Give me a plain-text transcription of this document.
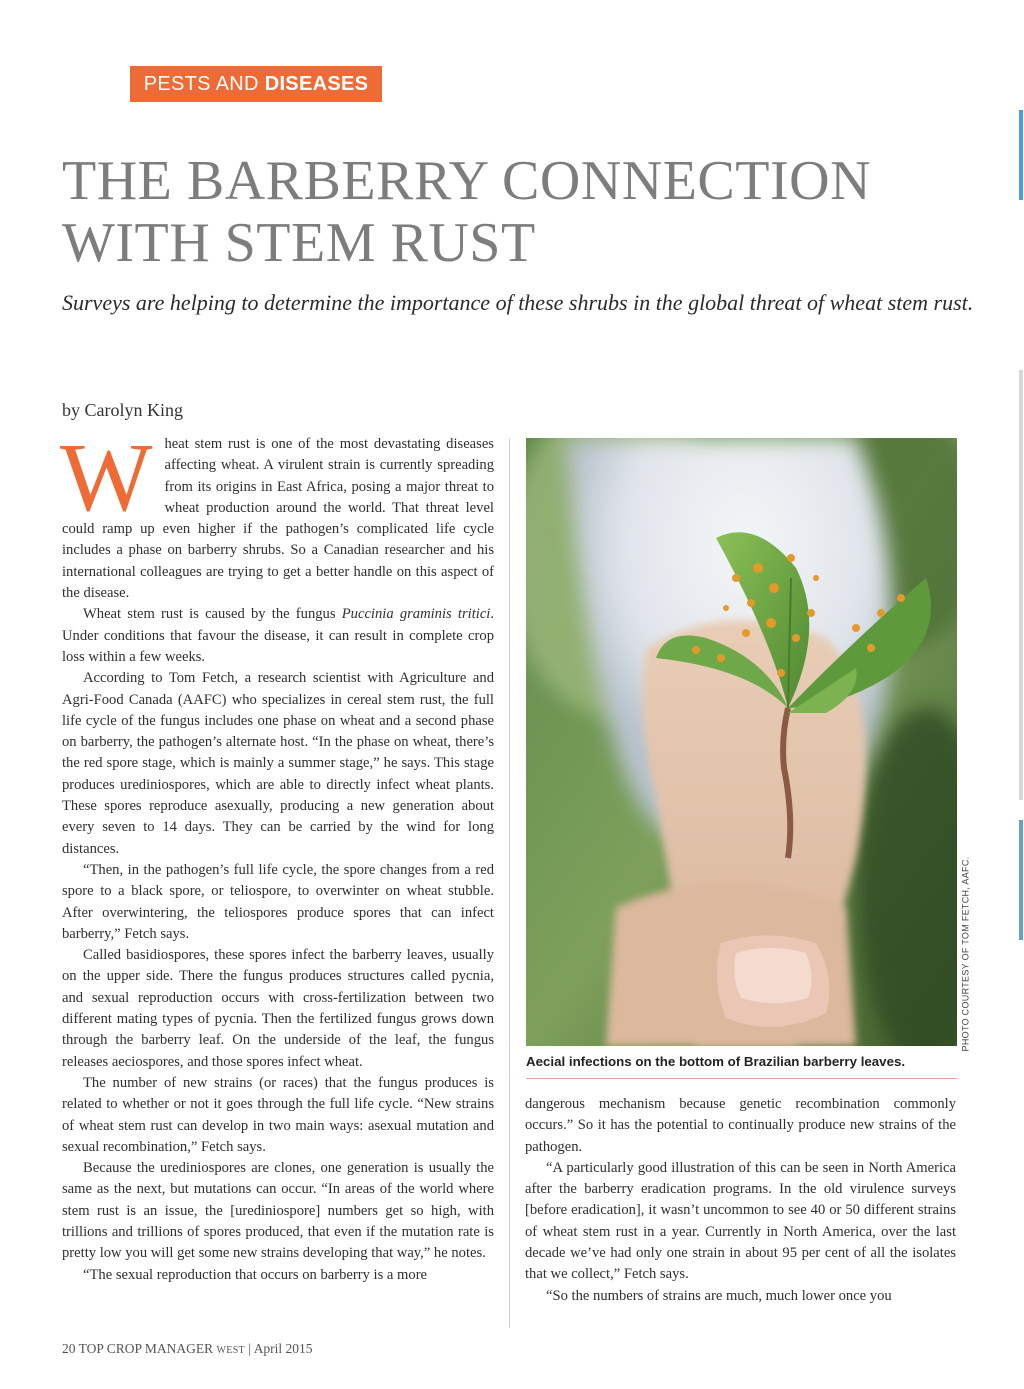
PESTS AND DISEASES
THE BARBERRY CONNECTION
WITH STEM RUST

Surveys are helping to determine the importance of these shrubs in the global threat of wheat stem rust.

by Carolyn King

Wheat stem rust is one of the most devastating diseases affecting wheat. A virulent strain is currently spreading from its origins in East Africa, posing a major threat to wheat production around the world. That threat level could ramp up even higher if the pathogen’s complicated life cycle includes a phase on barberry shrubs. So a Canadian researcher and his international colleagues are trying to get a better handle on this aspect of the disease.

Wheat stem rust is caused by the fungus Puccinia graminis tritici. Under conditions that favour the disease, it can result in complete crop loss within a few weeks.

According to Tom Fetch, a research scientist with Agriculture and Agri-Food Canada (AAFC) who specializes in cereal stem rust, the full life cycle of the fungus includes one phase on wheat and a second phase on barberry, the pathogen’s alternate host. “In the phase on wheat, there’s the red spore stage, which is mainly a summer stage,” he says. This stage produces urediniospores, which are able to directly infect wheat plants. These spores reproduce asexually, producing a new generation about every seven to 14 days. They can be carried by the wind for long distances.

“Then, in the pathogen’s full life cycle, the spore changes from a red spore to a black spore, or teliospore, to overwinter on wheat stubble. After overwintering, the teliospores produce spores that can infect barberry,” Fetch says.

Called basidiospores, these spores infect the barberry leaves, usually on the upper side. There the fungus produces structures called pycnia, and sexual reproduction occurs with cross-fertilization between two different mating types of pycnia. Then the fertilized fungus grows down through the barberry leaf. On the underside of the leaf, the fungus releases aeciospores, and those spores infect wheat.

The number of new strains (or races) that the fungus produces is related to whether or not it goes through the full life cycle. “New strains of wheat stem rust can develop in two main ways: asexual mutation and sexual recombination,” Fetch says.

Because the urediniospores are clones, one generation is usually the same as the next, but mutations can occur. “In areas of the world where stem rust is an issue, the [urediniospore] numbers get so high, with trillions and trillions of spores produced, that even if the mutation rate is pretty low you will get some new strains developing that way,” he notes.

“The sexual reproduction that occurs on barberry is a more

PHOTO COURTESY OF TOM FETCH, AAFC.
Aecial infections on the bottom of Brazilian barberry leaves.

dangerous mechanism because genetic recombination commonly occurs.” So it has the potential to continually produce new strains of the pathogen.

“A particularly good illustration of this can be seen in North America after the barberry eradication programs. In the old virulence surveys [before eradication], it wasn’t uncommon to see 40 or 50 different strains of wheat stem rust in a year. Currently in North America, over the last decade we’ve had only one strain in about 95 per cent of all the isolates that we collect,” Fetch says.

“So the numbers of strains are much, much lower once you

20 TOP CROP MANAGER WEST | April 2015
